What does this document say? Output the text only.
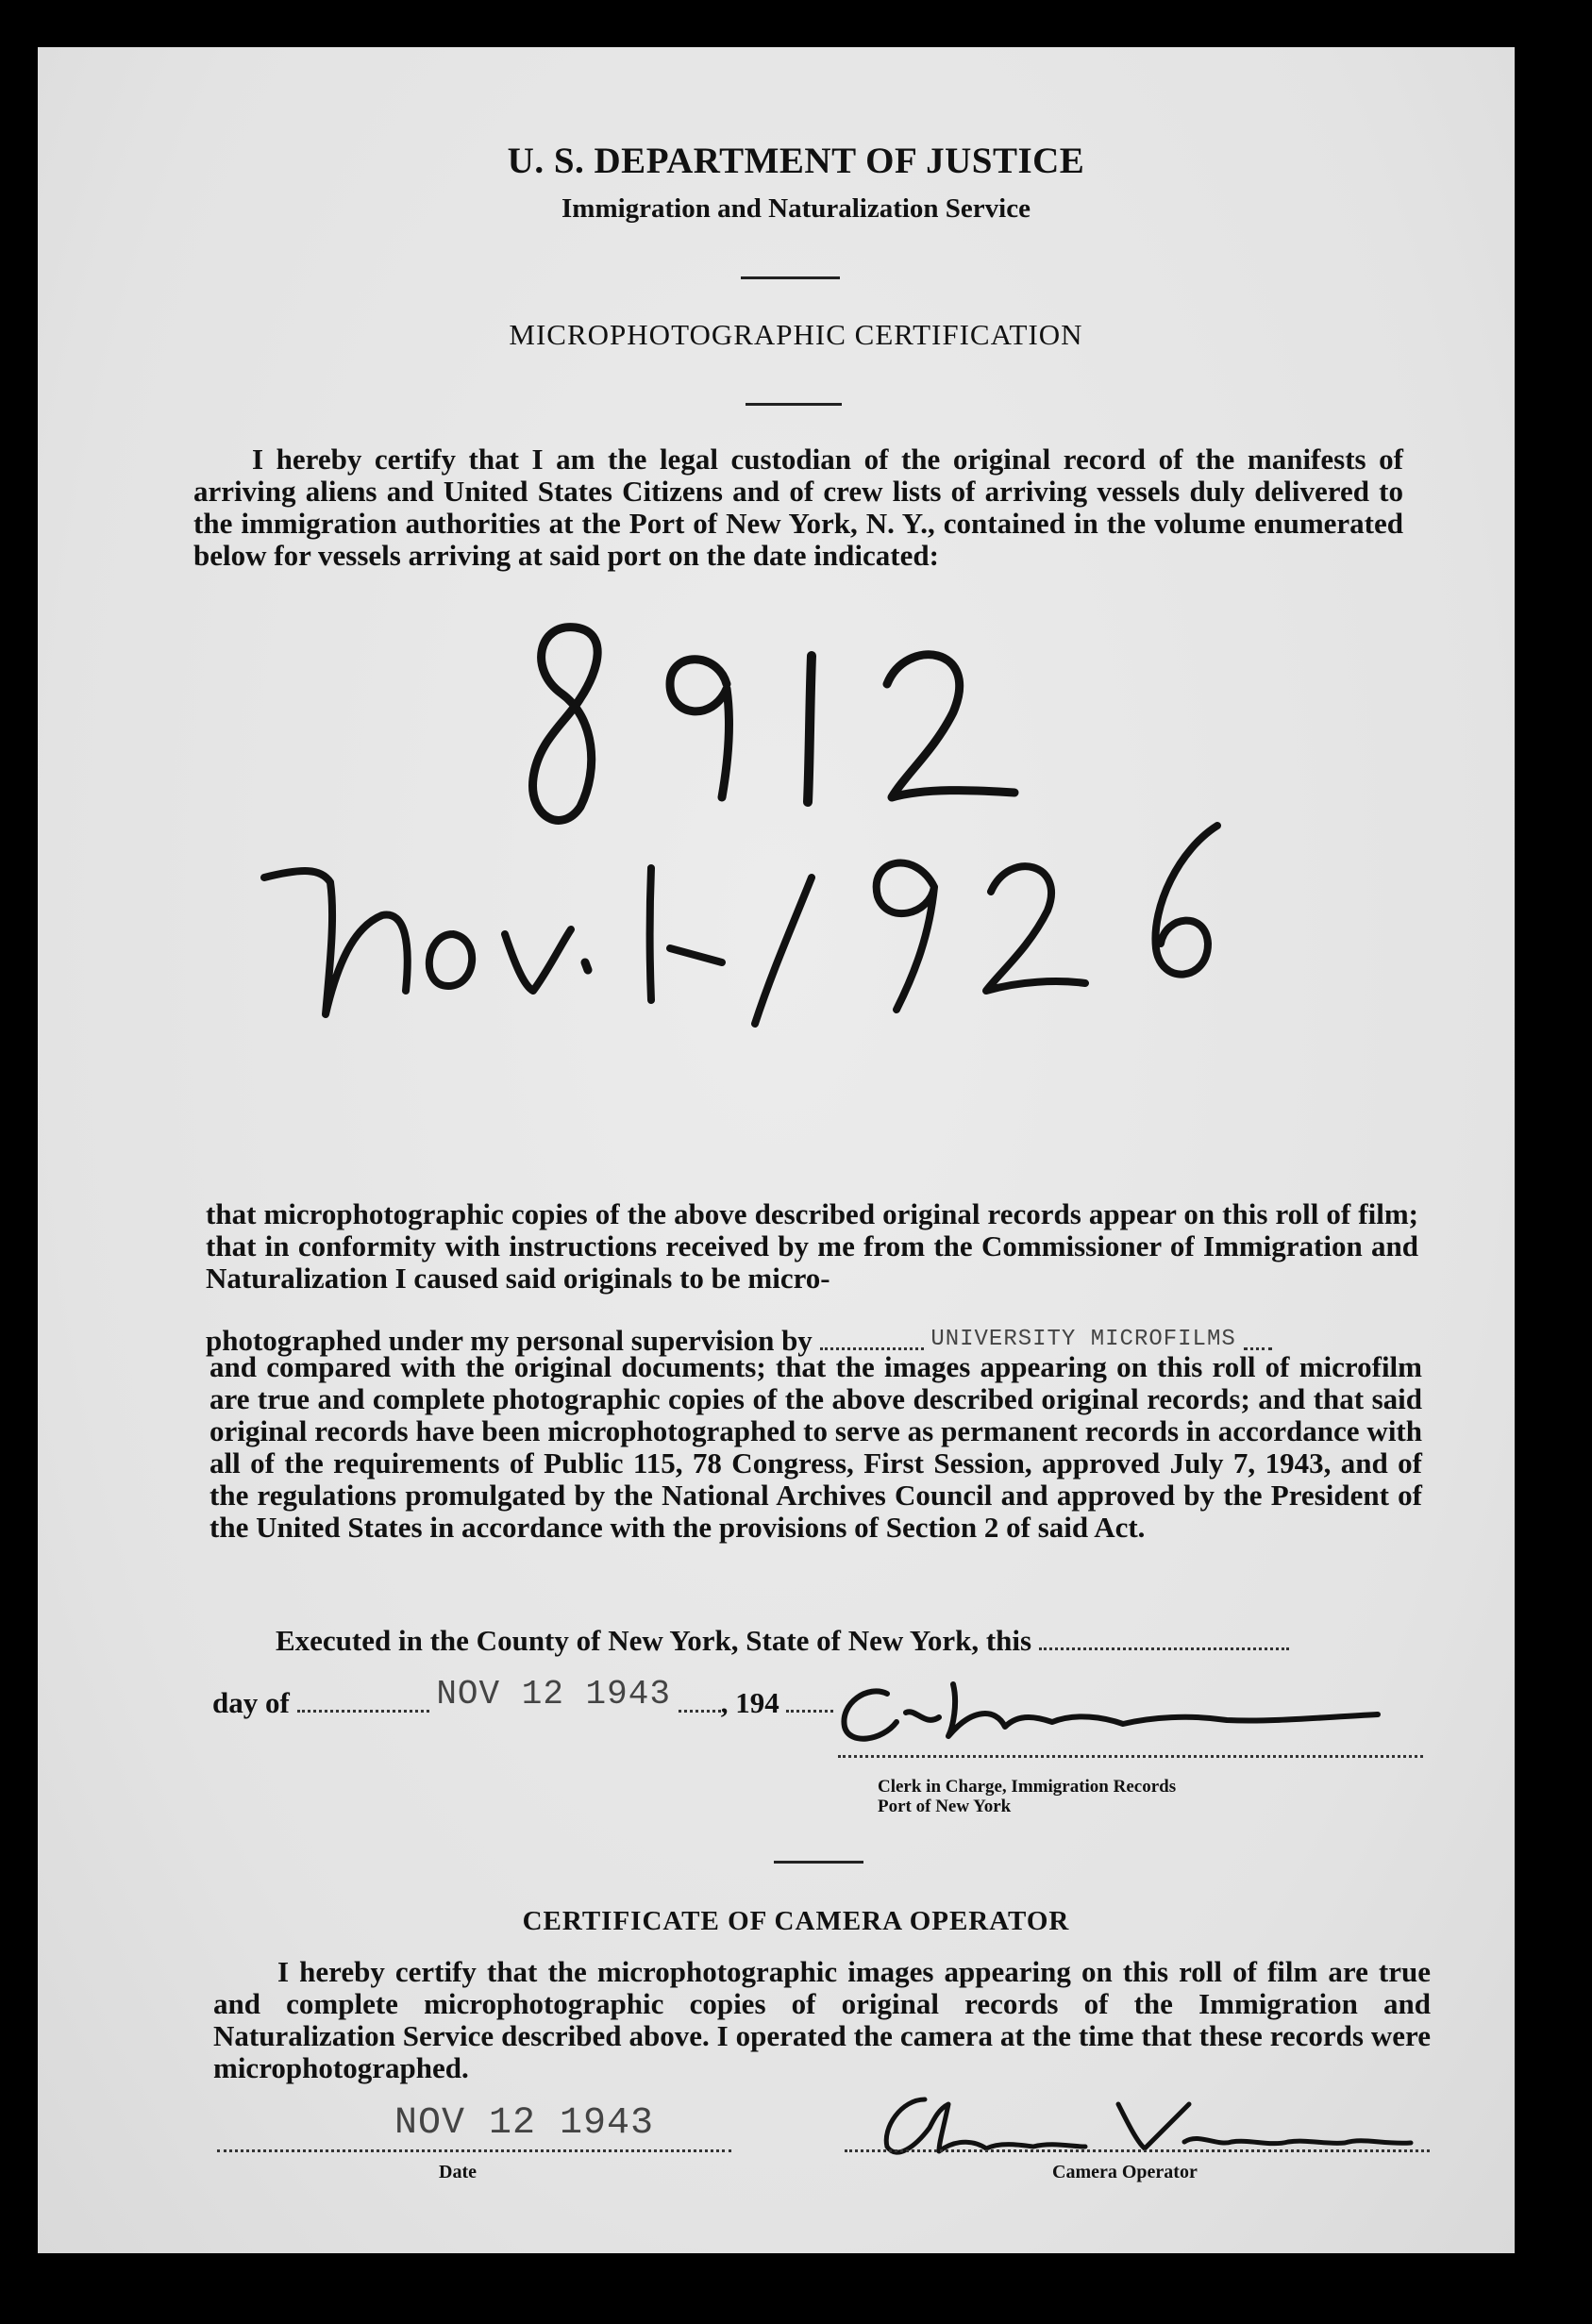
U. S. DEPARTMENT OF JUSTICE
Immigration and Naturalization Service
MICROPHOTOGRAPHIC CERTIFICATION
I hereby certify that I am the legal custodian of the original record of the manifests of arriving aliens and United States Citizens and of crew lists of arriving vessels duly delivered to the immigration authorities at the Port of New York, N. Y., contained in the volume enumerated below for vessels arriving at said port on the date indicated:
that microphotographic copies of the above described original records appear on this roll of film; that in conformity with instructions received by me from the Commissioner of Immigration and Naturalization I caused said originals to be micro-
photographed under my personal supervision by	UNIVERSITY MICROFILMS
and compared with the original documents; that the images appearing on this roll of microfilm are true and complete photographic copies of the above described original records; and that said original records have been microphotographed to serve as permanent records in accordance with all of the requirements of Public 115, 78 Congress, First Session, approved July 7, 1943, and of the regulations promulgated by the National Archives Council and approved by the President of the United States in accordance with the provisions of Section 2 of said Act.
Executed in the County of New York, State of New York, this
day of	NOV 12 1943 , 194
Clerk in Charge, Immigration Records
Port of New York
CERTIFICATE OF CAMERA OPERATOR
I hereby certify that the microphotographic images appearing on this roll of film are true and complete microphotographic copies of original records of the Immigration and Naturalization Service described above. I operated the camera at the time that these records were microphotographed.
NOV 12 1943
Date	Camera Operator
